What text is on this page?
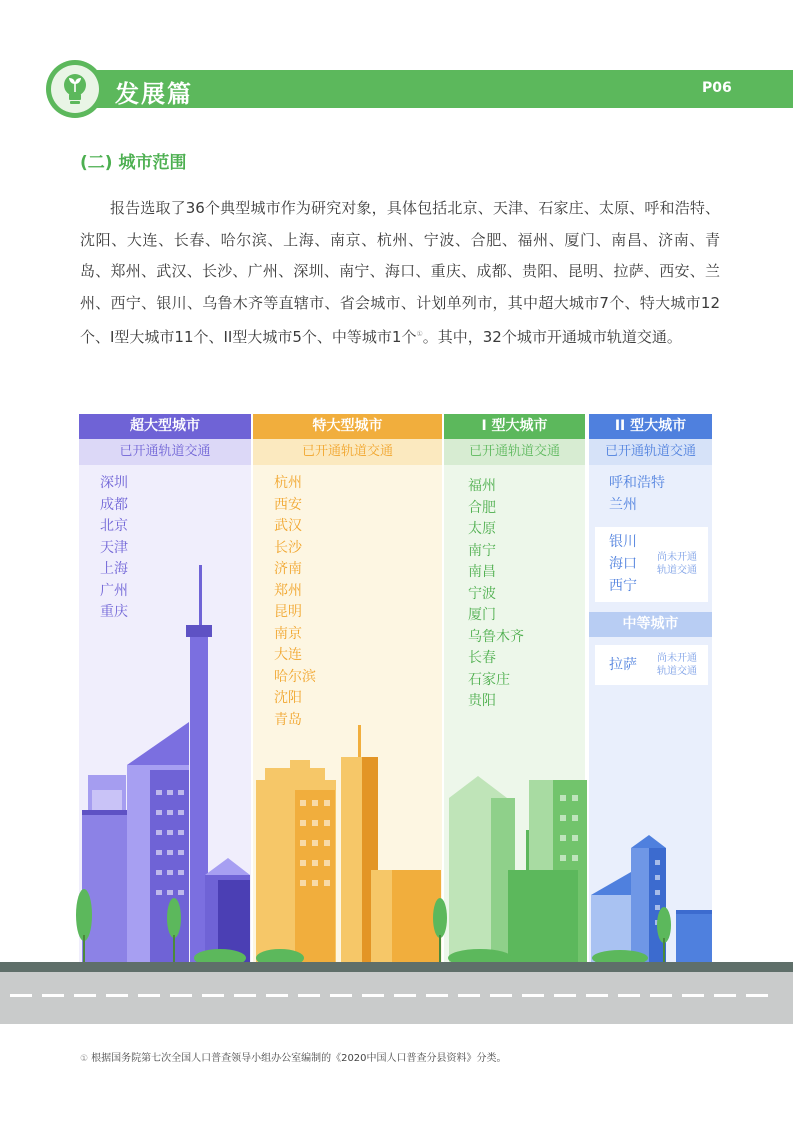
发展篇	P06
(二) 城市范围
报告选取了36个典型城市作为研究对象，具体包括北京、天津、石家庄、太原、呼和浩特、沈阳、大连、长春、哈尔滨、上海、南京、杭州、宁波、合肥、福州、厦门、南昌、济南、青岛、郑州、武汉、长沙、广州、深圳、南宁、海口、重庆、成都、贵阳、昆明、拉萨、西安、兰州、西宁、银川、乌鲁木齐等直辖市、省会城市、计划单列市，其中超大城市7个、特大城市12个、Ⅰ型大城市11个、II型大城市5个、中等城市1个①。其中，32个城市开通城市轨道交通。
超大型城市
已开通轨道交通
深圳
成都
北京
天津
上海
广州
重庆
特大型城市
已开通轨道交通
杭州
西安
武汉
长沙
济南
郑州
昆明
南京
大连
哈尔滨
沈阳
青岛
I 型大城市
已开通轨道交通
福州
合肥
太原
南宁
南昌
宁波
厦门
乌鲁木齐
长春
石家庄
贵阳
II 型大城市
已开通轨道交通
呼和浩特
兰州
银川
海口
西宁
尚未开通
轨道交通
中等城市
拉萨 尚未开通
轨道交通
① 根据国务院第七次全国人口普查领导小组办公室编制的《2020中国人口普查分县资料》分类。
